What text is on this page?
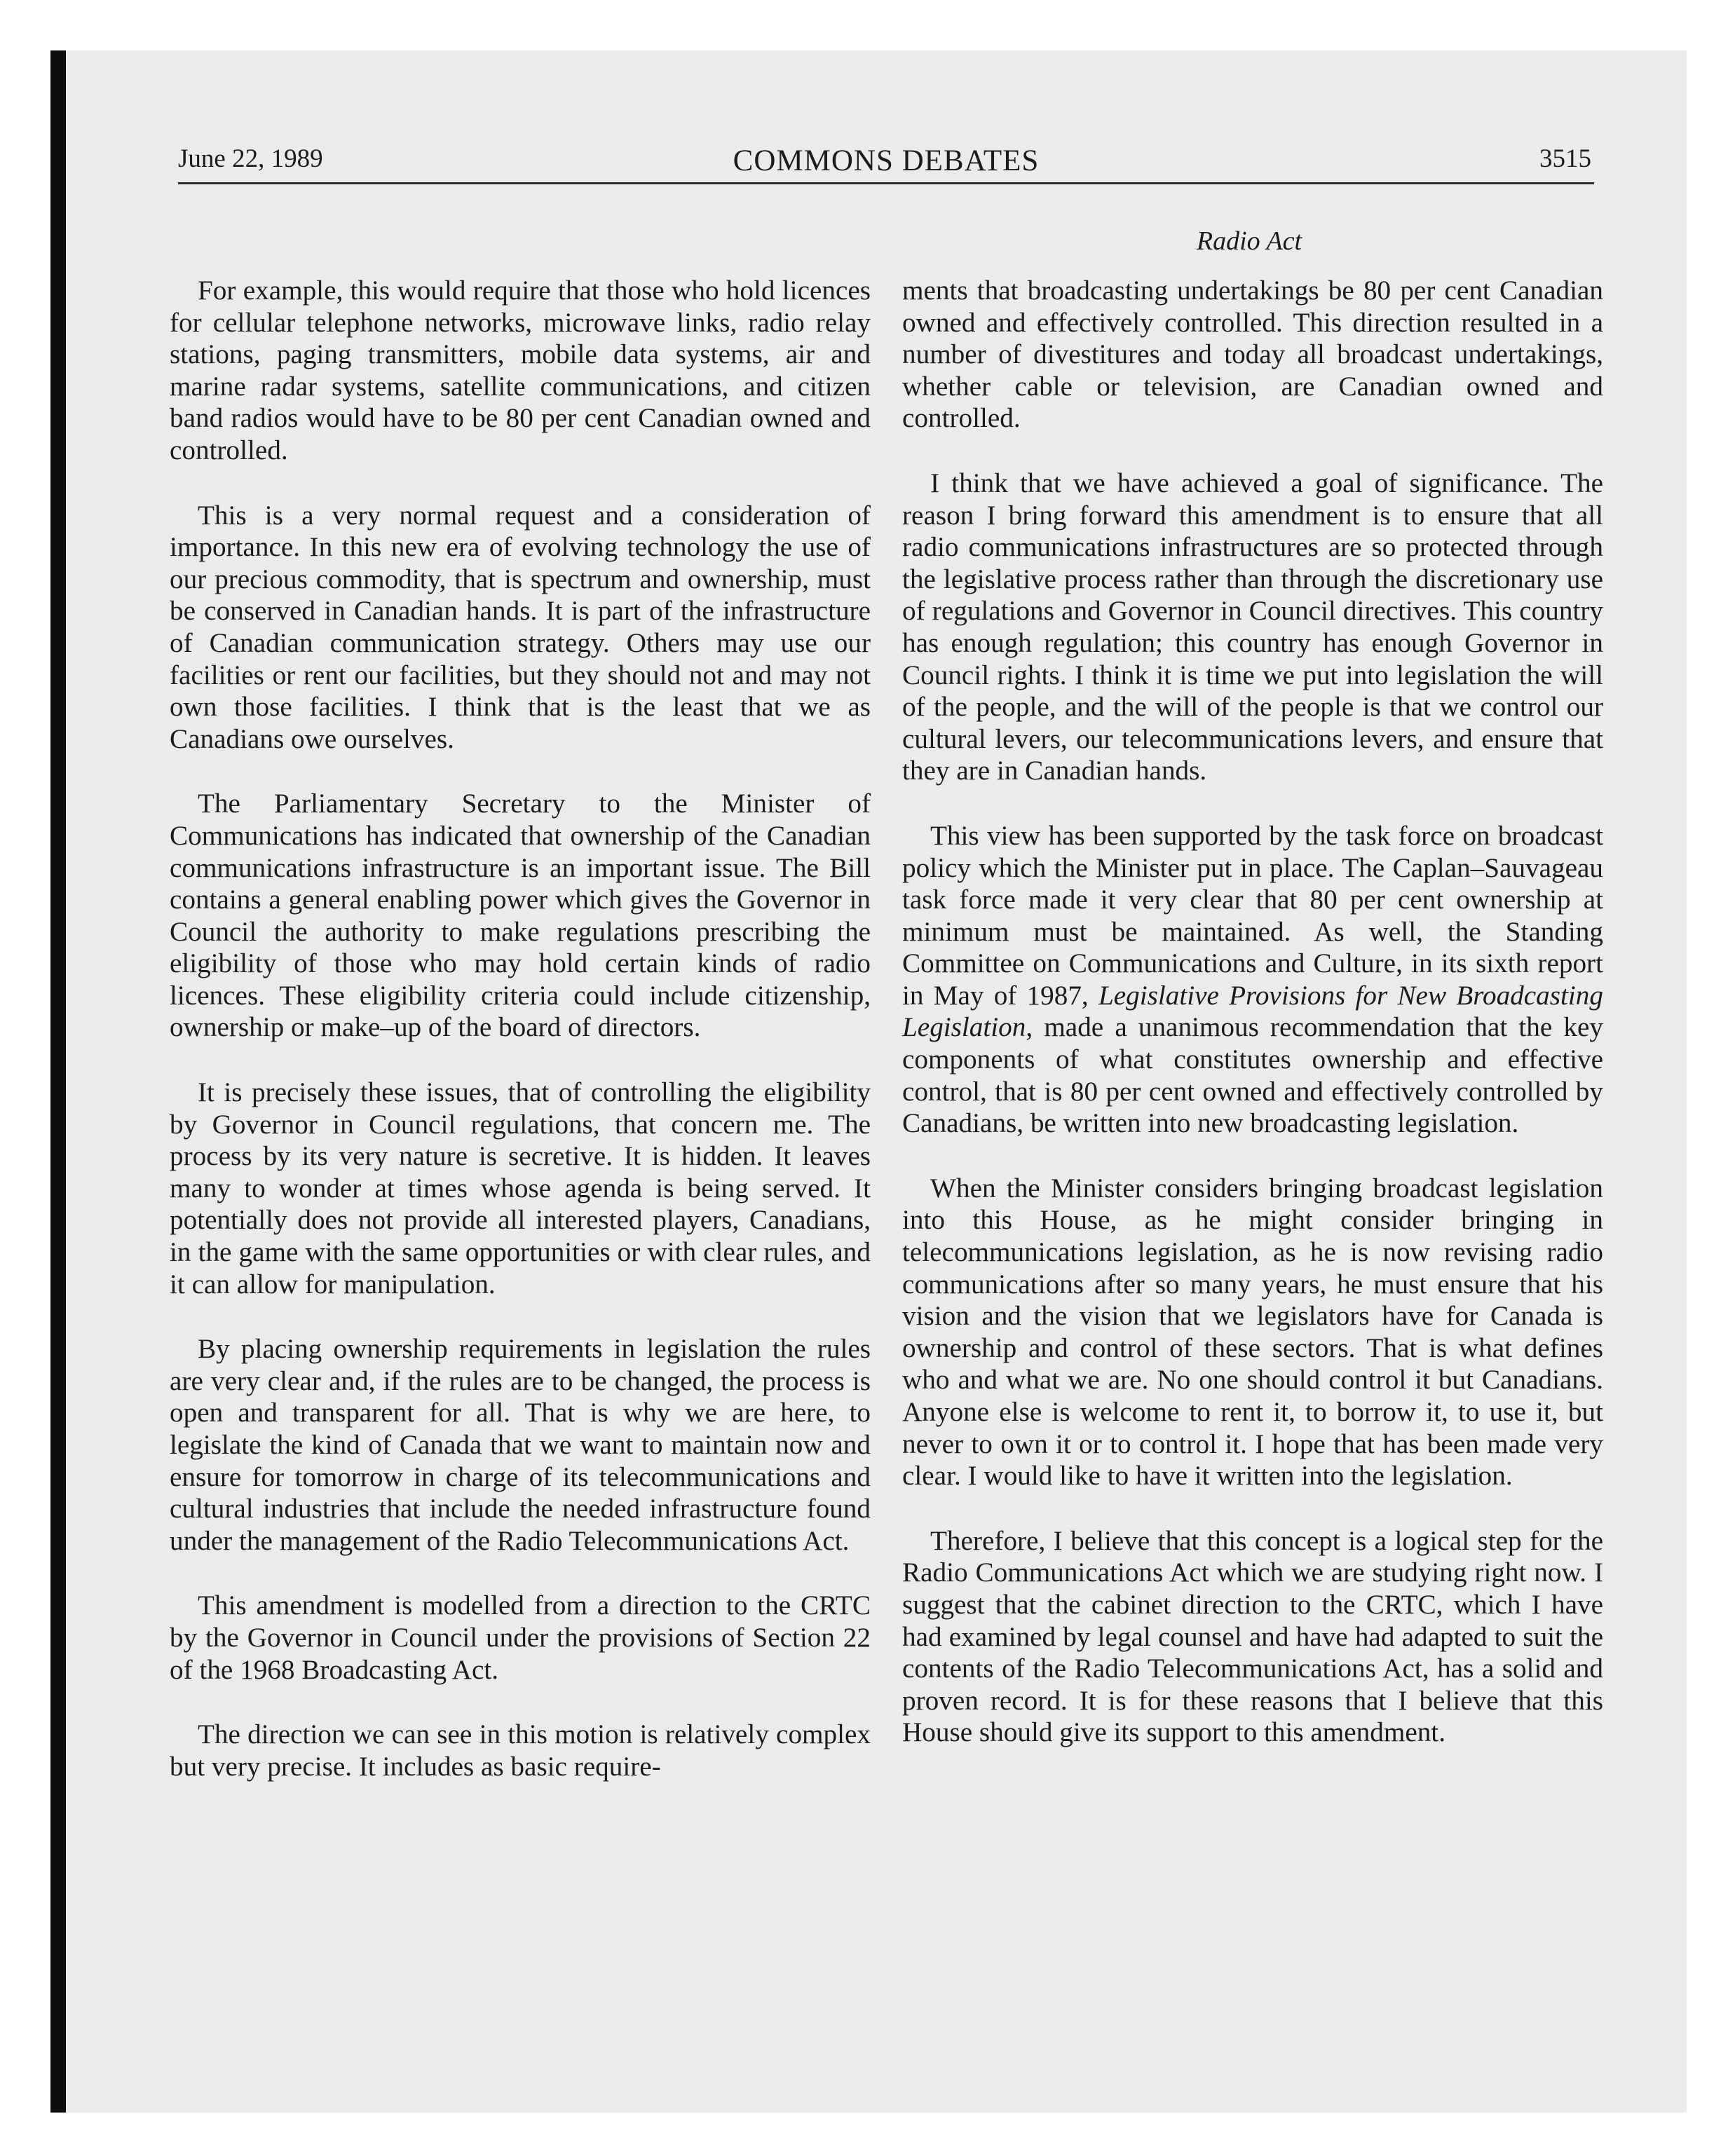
June 22, 1989	COMMONS DEBATES	3515
Radio Act

For example, this would require that those who hold licences for cellular telephone networks, microwave links, radio relay stations, paging transmitters, mobile data systems, air and marine radar systems, satellite communications, and citizen band radios would have to be 80 per cent Canadian owned and controlled.

This is a very normal request and a consideration of importance. In this new era of evolving technology the use of our precious commodity, that is spectrum and ownership, must be conserved in Canadian hands. It is part of the infrastructure of Canadian communication strategy. Others may use our facilities or rent our facilities, but they should not and may not own those facilities. I think that is the least that we as Canadians owe ourselves.

The Parliamentary Secretary to the Minister of Communications has indicated that ownership of the Canadian communications infrastructure is an important issue. The Bill contains a general enabling power which gives the Governor in Council the authority to make regulations prescribing the eligibility of those who may hold certain kinds of radio licences. These eligibility criteria could include citizenship, ownership or make–up of the board of directors.

It is precisely these issues, that of controlling the eligibility by Governor in Council regulations, that concern me. The process by its very nature is secretive. It is hidden. It leaves many to wonder at times whose agenda is being served. It potentially does not provide all interested players, Canadians, in the game with the same opportunities or with clear rules, and it can allow for manipulation.

By placing ownership requirements in legislation the rules are very clear and, if the rules are to be changed, the process is open and transparent for all. That is why we are here, to legislate the kind of Canada that we want to maintain now and ensure for tomorrow in charge of its telecommunications and cultural industries that include the needed infrastructure found under the management of the Radio Telecommunications Act.

This amendment is modelled from a direction to the CRTC by the Governor in Council under the provisions of Section 22 of the 1968 Broadcasting Act.

The direction we can see in this motion is relatively complex but very precise. It includes as basic require-

ments that broadcasting undertakings be 80 per cent Canadian owned and effectively controlled. This direction resulted in a number of divestitures and today all broadcast undertakings, whether cable or television, are Canadian owned and controlled.

I think that we have achieved a goal of significance. The reason I bring forward this amendment is to ensure that all radio communications infrastructures are so protected through the legislative process rather than through the discretionary use of regulations and Governor in Council directives. This country has enough regulation; this country has enough Governor in Council rights. I think it is time we put into legislation the will of the people, and the will of the people is that we control our cultural levers, our telecommunications levers, and ensure that they are in Canadian hands.

This view has been supported by the task force on broadcast policy which the Minister put in place. The Caplan–Sauvageau task force made it very clear that 80 per cent ownership at minimum must be maintained. As well, the Standing Committee on Communications and Culture, in its sixth report in May of 1987, Legislative Provisions for New Broadcasting Legislation, made a unanimous recommendation that the key components of what constitutes ownership and effective control, that is 80 per cent owned and effectively controlled by Canadians, be written into new broadcasting legislation.

When the Minister considers bringing broadcast legislation into this House, as he might consider bringing in telecommunications legislation, as he is now revising radio communications after so many years, he must ensure that his vision and the vision that we legislators have for Canada is ownership and control of these sectors. That is what defines who and what we are. No one should control it but Canadians. Anyone else is welcome to rent it, to borrow it, to use it, but never to own it or to control it. I hope that has been made very clear. I would like to have it written into the legislation.

Therefore, I believe that this concept is a logical step for the Radio Communications Act which we are studying right now. I suggest that the cabinet direction to the CRTC, which I have had examined by legal counsel and have had adapted to suit the contents of the Radio Telecommunications Act, has a solid and proven record. It is for these reasons that I believe that this House should give its support to this amendment.
